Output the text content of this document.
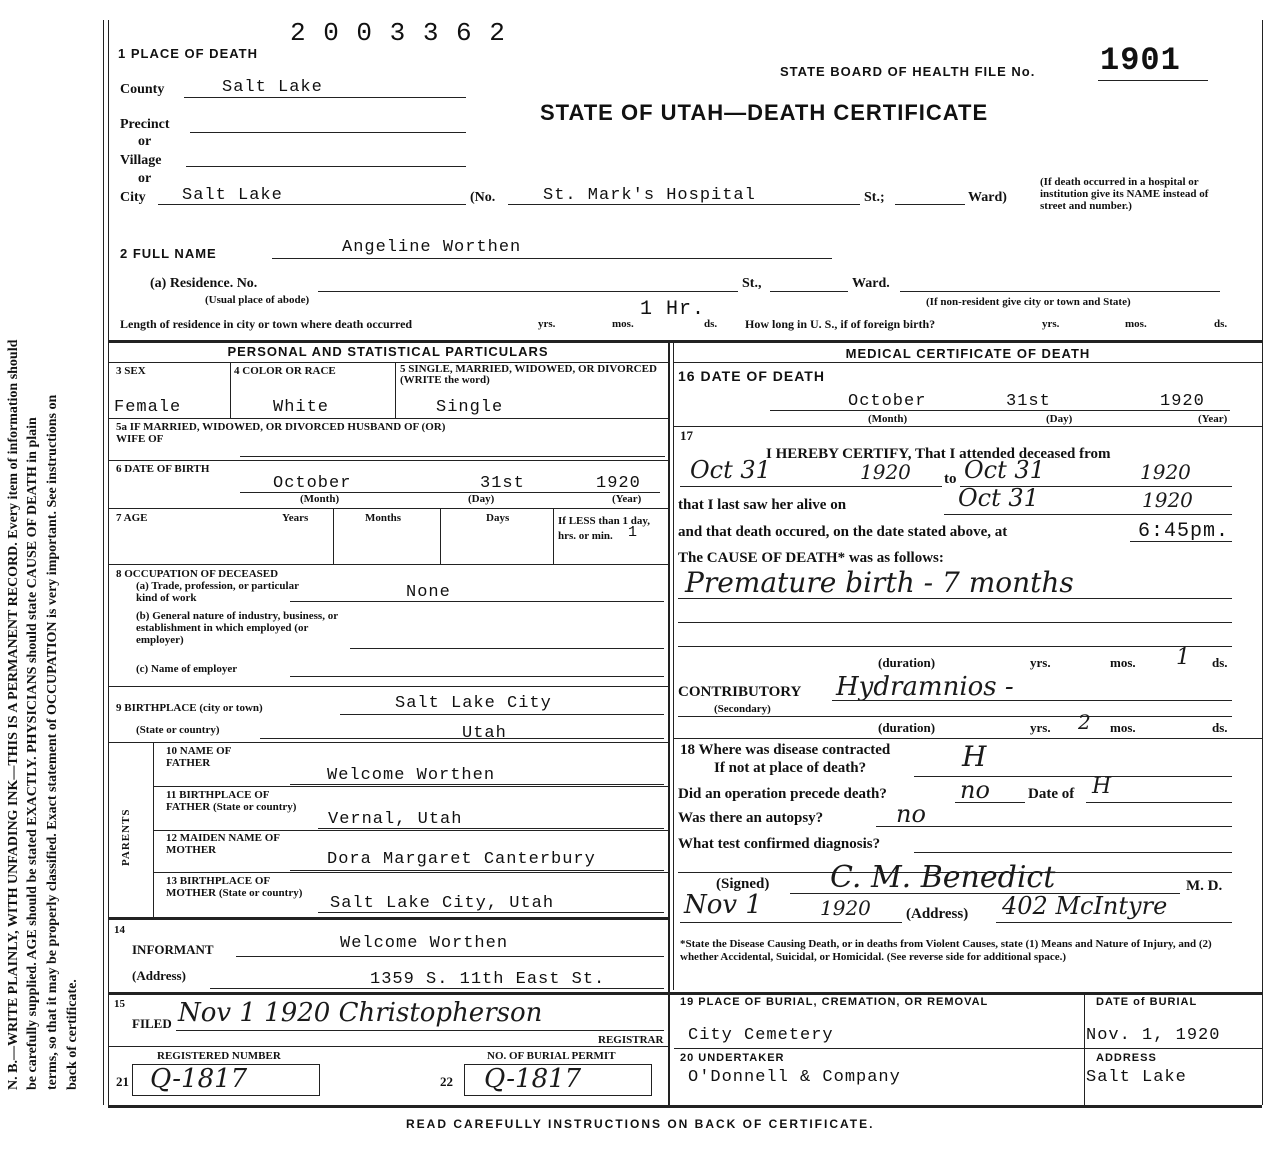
N. B.—WRITE PLAINLY, WITH UNFADING INK—THIS IS A PERMANENT RECORD. Every item of information should be carefully supplied. AGE should be stated EXACTLY. PHYSICIANS should state CAUSE OF DEATH in plain terms, so that it may be properly classified. Exact statement of OCCUPATION is very important. See instructions on back of certificate.
1 PLACE OF DEATH
2 0 0 3 3 6 2
STATE BOARD OF HEALTH FILE No. 1901
STATE OF UTAH—DEATH CERTIFICATE
County	Salt Lake
Precinct
or
Village
or
City Salt Lake	(No.	St. Mark's Hospital	St.;	Ward)
(If death occurred in a hospital or institution give its NAME instead of street and number.)
2 FULL NAME	Angeline Worthen
(a) Residence. No.
(Usual place of abode)
St.,	Ward.
(If non-resident give city or town and State)
Length of residence in city or town where death occurred	yrs.	mos.
1 Hr.
ds. How long in U. S., if of foreign birth?	yrs.	mos.	ds.
PERSONAL AND STATISTICAL PARTICULARS
3 SEX	4 COLOR OR RACE	5 SINGLE, MARRIED, WIDOWED, OR DIVORCED (WRITE the word)
Female	White	Single
5a IF MARRIED, WIDOWED, OR DIVORCED HUSBAND OF (OR) WIFE OF
6 DATE OF BIRTH
October	31st	1920
(Month)	(Day)	(Year)
7 AGE	Years	Months	Days	If LESS than 1 day, hrs. or min.	1
8 OCCUPATION OF DECEASED
(a) Trade, profession, or particular kind of work	None
(b) General nature of industry, business, or establishment in which employed (or employer)
(c) Name of employer
9 BIRTHPLACE (city or town)	Salt Lake City
(State or country)	Utah
PARENTS
10 NAME OF FATHER
Welcome Worthen
11 BIRTHPLACE OF FATHER (State or country)
Vernal, Utah
12 MAIDEN NAME OF MOTHER	Dora Margaret Canterbury
13 BIRTHPLACE OF MOTHER (State or country)
Salt Lake City, Utah
14
INFORMANT	Welcome Worthen
(Address)	1359 S. 11th East St.
15
FILED Nov 1 1920 Christopherson
REGISTRAR
REGISTERED NUMBER
21 Q-1817
NO. OF BURIAL PERMIT
22 Q-1817
MEDICAL CERTIFICATE OF DEATH
16 DATE OF DEATH
October	31st	1920
(Month)	(Day)	(Year)
17
I HEREBY CERTIFY, That I attended deceased from
Oct 31	1920 to Oct 31	1920
that I last saw her alive on	Oct 31	1920
and that death occured, on the date stated above, at	6:45pm.
The CAUSE OF DEATH* was as follows:
Premature birth - 7 months
(duration)	yrs.	mos. 1 ds.
CONTRIBUTORY Hydramnios -
(Secondary)
(duration)	yrs. 2 mos.	ds.
18 Where was disease contracted
If not at place of death?	H
Did an operation precede death?	no	Date of H
Was there an autopsy?	no
What test confirmed diagnosis?
(Signed) C. M. Benedict	M. D.
Nov 1	1920 (Address) 402 McIntyre
*State the Disease Causing Death, or in deaths from Violent Causes, state (1) Means and Nature of Injury, and (2) whether Accidental, Suicidal, or Homicidal. (See reverse side for additional space.)
19 PLACE OF BURIAL, CREMATION, OR REMOVAL	DATE of BURIAL
City Cemetery	Nov. 1, 1920
20 UNDERTAKER	ADDRESS
O'Donnell & Company	Salt Lake
READ CAREFULLY INSTRUCTIONS ON BACK OF CERTIFICATE.
